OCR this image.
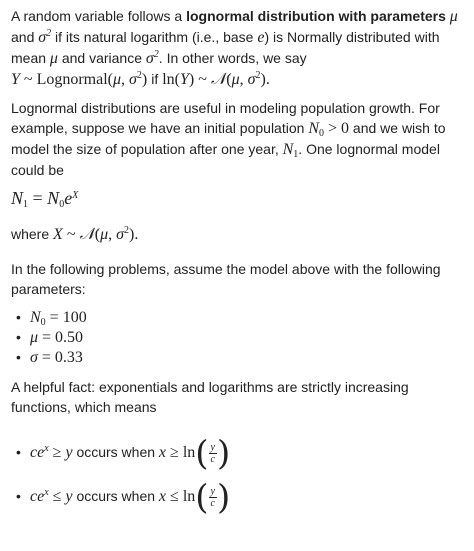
A random variable follows a lognormal distribution with parameters μ
and $\sigma^2$ if its natural logarithm (i.e., base e) is Normally distributed with
mean μ and variance $\sigma^2$. In other words, we say
Y ~ Lognormal(μ, $\sigma^2$) if ln(Y) ~ 𝒩(μ, $\sigma^2$).
Lognormal distributions are useful in modeling population growth. For
example, suppose we have an initial population $N_0 > 0$ and we wish to
model the size of population after one year, $N_1$. One lognormal model
could be
$N_1 = N_0e^X$
where X ~ 𝒩(μ, $\sigma^2$).
In the following problems, assume the model above with the following
parameters:
• $N_0 = 100$
• μ = 0.50
• σ = 0.33
A helpful fact: exponentials and logarithms are strictly increasing
functions, which means
• $ce^x \ge y$ occurs when $x \ge \ln( \frac{y}{c}$ )
• $ce^x \le y$ occurs when $x \le \ln( \frac{y}{c}$ )
